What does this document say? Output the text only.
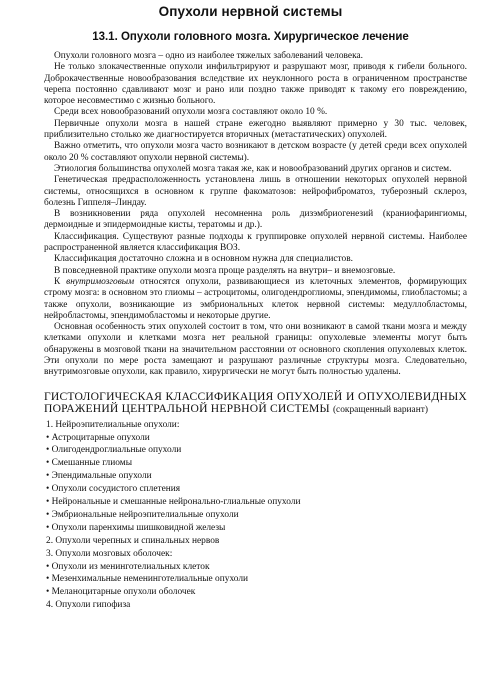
Опухоли нервной системы
13.1. Опухоли головного мозга. Хирургическое лечение

Опухоли головного мозга – одно из наиболее тяжелых заболеваний человека.

Не только злокачественные опухоли инфильтрируют и разрушают мозг, приводя к гибели больного. Доброкачественные новообразования вследствие их неуклонного роста в ограниченном пространстве черепа постоянно сдавливают мозг и рано или поздно также приводят к такому его повреждению, которое несовместимо с жизнью больного.

Среди всех новообразований опухоли мозга составляют около 10 %.

Первичные опухоли мозга в нашей стране ежегодно выявляют примерно у 30 тыс. человек, приблизительно столько же диагностируется вторичных (метастатических) опухолей.

Важно отметить, что опухоли мозга часто возникают в детском возрасте (у детей среди всех опухолей около 20 % составляют опухоли нервной системы).

Этиология большинства опухолей мозга такая же, как и новообразований других органов и систем.

Генетическая предрасположенность установлена лишь в отношении некоторых опухолей нервной системы, относящихся в основном к группе факоматозов: нейрофиброматоз, туберозный склероз, болезнь Гиппеля–Линдау.

В возникновении ряда опухолей несомненна роль дизэмбриогенезий (краниофарингиомы, дермоидные и эпидермоидные кисты, тератомы и др.).

Классификация. Существуют разные подходы к группировке опухолей нервной системы. Наиболее распространенной является классификация ВОЗ.

Классификация достаточно сложна и в основном нужна для специалистов.

В повседневной практике опухоли мозга проще разделять на внутри– и внемозговые.

К внутримозговым относятся опухоли, развивающиеся из клеточных элементов, формирующих строму мозга: в основном это глиомы – астроцитомы, олигодендроглиомы, эпендимомы, глиобластомы; а также опухоли, возникающие из эмбриональных клеток нервной системы: медуллобластомы, нейробластомы, эпендимобластомы и некоторые другие.

Основная особенность этих опухолей состоит в том, что они возникают в самой ткани мозга и между клетками опухоли и клетками мозга нет реальной границы: опухолевые элементы могут быть обнаружены в мозговой ткани на значительном расстоянии от основного скопления опухолевых клеток. Эти опухоли по мере роста замещают и разрушают различные структуры мозга. Следовательно, внутримозговые опухоли, как правило, хирургически не могут быть полностью удалены.

ГИСТОЛОГИЧЕСКАЯ КЛАССИФИКАЦИЯ ОПУХОЛЕЙ И ОПУХОЛЕВИДНЫХ ПОРАЖЕНИЙ ЦЕНТРАЛЬНОЙ НЕРВНОЙ СИСТЕМЫ (сокращенный вариант)

1. Нейроэпителиальные опухоли:
• Астроцитарные опухоли
• Олигодендроглиальные опухоли
• Смешанные глиомы
• Эпендимальные опухоли
• Опухоли сосудистого сплетения
• Нейрональные и смешанные нейронально-глиальные опухоли
• Эмбриональные нейроэпителиальные опухоли
• Опухоли паренхимы шишковидной железы
2. Опухоли черепных и спинальных нервов
3. Опухоли мозговых оболочек:
• Опухоли из менинготелиальных клеток
• Мезенхимальные неменинготелиальные опухоли
• Меланоцитарные опухоли оболочек
4. Опухоли гипофиза
